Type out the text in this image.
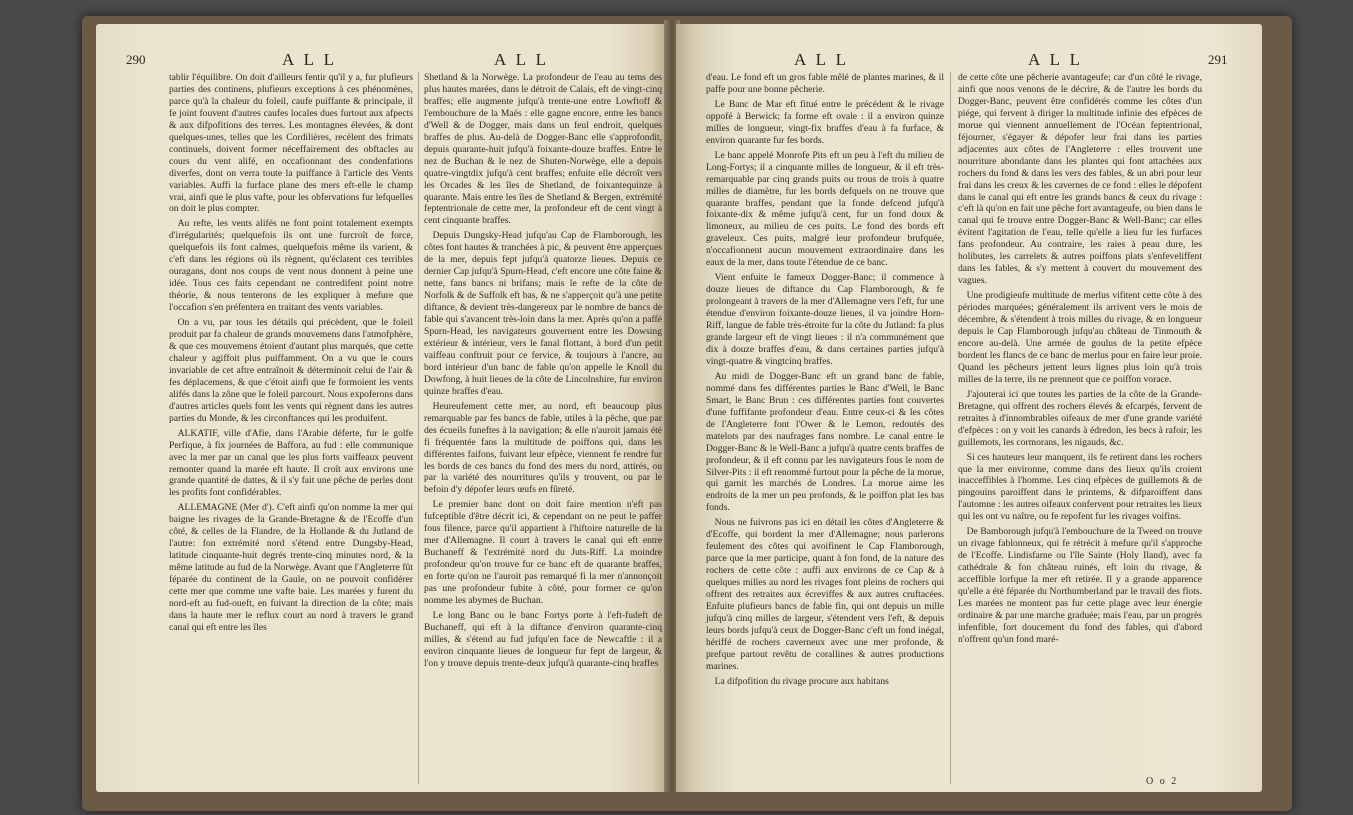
290	A L L	A L L

tablir l'équilibre. On doit d'ailleurs fentir qu'il y a, fur plufieurs parties des continens, plufieurs exceptions à ces phénomènes, parce qu'à la chaleur du foleil, caufe puiffante & principale, il fe joint fouvent d'autres caufes locales dues furtout aux afpects & aux difpofitions des terres. Les montagnes élevées, & dont quelques-unes, telles que les Cordilières, recèlent des frimats continuels, doivent former néceffairement des obftacles au cours du vent alifé, en occafionnant des condenfations diverfes, dont on verra toute la puiffance à l'article des Vents variables. Auffi la furface plane des mers eft-elle le champ vrai, ainfi que le plus vafte, pour les obfervations fur lefquelles on doit le plus compter.

Au refte, les vents alifés ne font point totalement exempts d'irrégularités; quelquefois ils ont une furcroît de force, quelquefois ils font calmes, quelquefois même ils varient, & c'eft dans les régions où ils règnent, qu'éclatent ces terribles ouragans, dont nos coups de vent nous donnent à peine une idée. Tous ces faits cependant ne contredifent point notre théorie, & nous tenterons de les expliquer à mefure que l'occafion s'en préfentera en traitant des vents variables.

On a vu, par tous les détails qui précèdent, que le foleil produit par fa chaleur de grands mouvemens dans l'atmofphère, & que ces mouvemens étoient d'autant plus marqués, que cette chaleur y agiffoit plus puiffamment. On a vu que le cours invariable de cet aftre entraînoit & déterminoit celui de l'air & fes déplacemens, & que c'étoit ainfi que fe formoient les vents alifés dans la zône que le foleil parcourt. Nous expoferons dans d'autres articles quels font les vents qui règnent dans les autres parties du Monde, & les circonftances qui les produifent.

ALKATIF, ville d'Afie, dans l'Arabie déferte, fur le golfe Perfique, à fix journées de Baffora, au fud : elle communique avec la mer par un canal que les plus forts vaiffeaux peuvent remonter quand la marée eft haute. Il croît aux environs une grande quantité de dattes, & il s'y fait une pêche de perles dont les profits font confidérables.

ALLEMAGNE (Mer d'). C'eft ainfi qu'on nomme la mer qui baigne les rivages de la Grande-Bretagne & de l'Ecoffe d'un côté, & celles de la Flandre, de la Hollande & du Jutland de l'autre: fon extrémité nord s'étend entre Dungsby-Head, latitude cinquante-huit degrés trente-cinq minutes nord, & la même latitude au fud de la Norwège. Avant que l'Angleterre fût féparée du continent de la Gaule, on ne pouvoit confidérer cette mer que comme une vafte baie. Les marées y furent du nord-eft au fud-oueft, en fuivant la direction de la côte; mais dans la haute mer le reflux court au nord à travers le grand canal qui eft entre les îles

Shetland & la Norwège. La profondeur de l'eau au tems des plus hautes marées, dans le détroit de Calais, eft de vingt-cinq braffes; elle augmente jufqu'à trente-une entre Lowftoff & l'embouchure de la Maës : elle gagne encore, entre les bancs d'Well & de Dogger, mais dans un feul endroit, quelques braffes de plus. Au-delà de Dogger-Banc elle s'approfondit, depuis quarante-huit jufqu'à foixante-douze braffes. Entre le nez de Buchan & le nez de Shuten-Norwège, elle a depuis quatre-vingtdix jufqu'à cent braffes; enfuite elle décroît vers les Orcades & les îles de Shetland, de foixantequinze à quarante. Mais entre les îles de Shetland & Bergen, extrémité feptentrionale de cette mer, la profondeur eft de cent vingt à cent cinquante braffes.

Depuis Dungsky-Head jufqu'au Cap de Flamborough, les côtes font hautes & tranchées à pic, & peuvent être apperçues de la mer, depuis fept jufqu'à quatorze lieues. Depuis ce dernier Cap jufqu'à Spurn-Head, c'eft encore une côte faine & nette, fans bancs ni brifans; mais le refte de la côte de Norfolk & de Suffolk eft bas, & ne s'apperçoit qu'à une petite diftance, & devient très-dangereux par le nombre de bancs de fable qui s'avancent très-loin dans la mer. Après qu'on a paffé Spurn-Head, les navigateurs gouvernent entre les Dowsing extérieur & intérieur, vers le fanal flottant, à bord d'un petit vaiffeau conftruit pour ce fervice, & toujours à l'ancre, au bord intérieur d'un banc de fable qu'on appelle le Knoll du Dowfong, à huit lieues de la côte de Lincolnshire, fur environ quinze braffes d'eau.

Heureufement cette mer, au nord, eft beaucoup plus remarquable par fes bancs de fable, utiles à la pêche, que par des écueils funeftes à la navigation; & elle n'auroit jamais été fi fréquentée fans la multitude de poiffons qui, dans les différentes faifons, fuivant leur efpèce, viennent fe rendre fur les bords de ces bancs du fond des mers du nord, attirés, ou par la variété des nourritures qu'ils y trouvent, ou par le befoin d'y dépofer leurs œufs en fûreté.

Le premier banc dont on doit faire mention n'eft pas fufceptible d'être décrit ici, & cependant on ne peut le paffer fous filence, parce qu'il appartient à l'hiftoire naturelle de la mer d'Allemagne. Il court à travers le canal qui eft entre Buchaneff & l'extrémité nord du Juts-Riff. La moindre profondeur qu'on trouve fur ce banc eft de quarante braffes, en forte qu'on ne l'auroit pas remarqué fi la mer n'annonçoit pas une profondeur fubite à côté, pour former ce qu'on nomme les abymes de Buchan.

Le long Banc ou le banc Fortys porte à l'eft-fudeft de Buchaneff, qui eft à la diftance d'environ quarante-cinq milles, & s'étend au fud jufqu'en face de Newcaftle : il a environ cinquante lieues de longueur fur fept de largeur, & l'on y trouve depuis trente-deux jufqu'à quarante-cinq braffes

A L L	A L L	291

d'eau. Le fond eft un gros fable mêlé de plantes marines, & il paffe pour une bonne pêcherie.

Le Banc de Mar eft fitué entre le précédent & le rivage oppofé à Berwick; fa forme eft ovale : il a environ quinze milles de longueur, vingt-fix braffes d'eau à fa furface, & environ quarante fur fes bords.

Le banc appelé Monrofe Pits eft un peu à l'eft du milieu de Long-Fortys; il a cinquante milles de longueur, & il eft très-remarquable par cinq grands puits ou trous de trois à quatre milles de diamètre, fur les bords defquels on ne trouve que quarante braffes, pendant que la fonde defcend jufqu'à foixante-dix & même jufqu'à cent, fur un fond doux & limoneux, au milieu de ces puits. Le fond des bords eft graveleux. Ces puits, malgré leur profondeur brufquée, n'occafionnent aucun mouvement extraordinaire dans les eaux de la mer, dans toute l'étendue de ce banc.

Vient enfuite le fameux Dogger-Banc; il commence à douze lieues de diftance du Cap Flamborough, & fe prolongeant à travers de la mer d'Allemagne vers l'eft, fur une étendue d'environ foixante-douze lieues, il va joindre Horn-Riff, langue de fable très-étroite fur la côte du Jutland: fa plus grande largeur eft de vingt lieues : il n'a communément que dix à douze braffes d'eau, & dans certaines parties jufqu'à vingt-quatre & vingtcinq braffes.

Au midi de Dogger-Banc eft un grand banc de fable, nommé dans fes différentes parties le Banc d'Well, le Banc Smart, le Banc Brun : ces différentes parties font couvertes d'une fuffifante profondeur d'eau. Entre ceux-ci & les côtes de l'Angleterre font l'Ower & le Lemon, redoutés des matelots par des naufrages fans nombre. Le canal entre le Dogger-Banc & le Well-Banc a jufqu'à quatre cents braffes de profondeur, & il eft connu par les navigateurs fous le nom de Silver-Pits : il eft renommé furtout pour la pêche de la morue, qui garnit les marchés de Londres. La morue aime les endroits de la mer un peu profonds, & le poiffon plat les bas fonds.

Nous ne fuivrons pas ici en détail les côtes d'Angleterre & d'Ecoffe, qui bordent la mer d'Allemagne; nous parlerons feulement des côtes qui avoifinent le Cap Flamborough, parce que la mer participe, quant à fon fond, de la nature des rochers de cette côte : auffi aux environs de ce Cap & à quelques milles au nord les rivages font pleins de rochers qui offrent des retraites aux écreviffes & aux autres cruftacées. Enfuite plufieurs bancs de fable fin, qui ont depuis un mille jufqu'à cinq milles de largeur, s'étendent vers l'eft, & depuis leurs bords jufqu'à ceux de Dogger-Banc c'eft un fond inégal, hériffé de rochers caverneux avec une mer profonde, & prefque partout revêtu de corallines & autres productions marines.

La difpofition du rivage procure aux habitans

de cette côte une pêcherie avantageufe; car d'un côté le rivage, ainfi que nous venons de le décrire, & de l'autre les bords du Dogger-Banc, peuvent être confidérés comme les côtes d'un piége, qui fervent à diriger la multitude infinie des efpèces de morue qui viennent annuellement de l'Océan feptentrional, féjourner, s'égayer & dépofer leur frai dans les parties adjacentes aux côtes de l'Angleterre : elles trouvent une nourriture abondante dans les plantes qui font attachées aux rochers du fond & dans les vers des fables, & un abri pour leur frai dans les creux & les cavernes de ce fond : elles le dépofent dans le canal qui eft entre les grands bancs & ceux du rivage : c'eft là qu'on en fait une pêche fort avantageufe, ou bien dans le canal qui fe trouve entre Dogger-Banc & Well-Banc; car elles évitent l'agitation de l'eau, telle qu'elle a lieu fur les furfaces fans profondeur. Au contraire, les raies à peau dure, les holibutes, les carrelets & autres poiffons plats s'enfeveliffent dans les fables, & s'y mettent à couvert du mouvement des vagues.

Une prodigieufe multitude de merlus vifitent cette côte à des périodes marquées; généralement ils arrivent vers le mois de décembre, & s'étendent à trois milles du rivage, & en longueur depuis le Cap Flamborough jufqu'au château de Tinmouth & encore au-delà. Une armée de goulus de la petite efpèce bordent les flancs de ce banc de merlus pour en faire leur proie. Quand les pêcheurs jettent leurs lignes plus loin qu'à trois milles de la terre, ils ne prennent que ce poiffon vorace.

J'ajouterai ici que toutes les parties de la côte de la Grande-Bretagne, qui offrent des rochers élevés & efcarpés, fervent de retraites à d'innombrables oifeaux de mer d'une grande variété d'efpèces : on y voit les canards à édredon, les becs à rafoir, les guillemots, les cormorans, les nigauds, &c.

Si ces hauteurs leur manquent, ils fe retirent dans les rochers que la mer environne, comme dans des lieux qu'ils croient inacceffibles à l'homme. Les cinq efpèces de guillemots & de pingouins paroiffent dans le printems, & difparoiffent dans l'automne : les autres oifeaux confervent pour retraites les lieux qui les ont vu naître, ou fe repofent fur les rivages voifins.

De Bamborough jufqu'à l'embouchure de la Tweed on trouve un rivage fablonneux, qui fe rétrécit à mefure qu'il s'approche de l'Ecoffe. Lindisfarne ou l'île Sainte (Holy Iland), avec fa cathédrale & fon château ruinés, eft loin du rivage, & acceffible lorfque la mer eft retirée. Il y a grande apparence qu'elle a été féparée du Northumberland par le travail des flots. Les marées ne montent pas fur cette plage avec leur énergie ordinaire & par une marche graduée; mais l'eau, par un progrès infenfible, fort doucement du fond des fables, qui d'abord n'offrent qu'un fond maré-

O o 2
